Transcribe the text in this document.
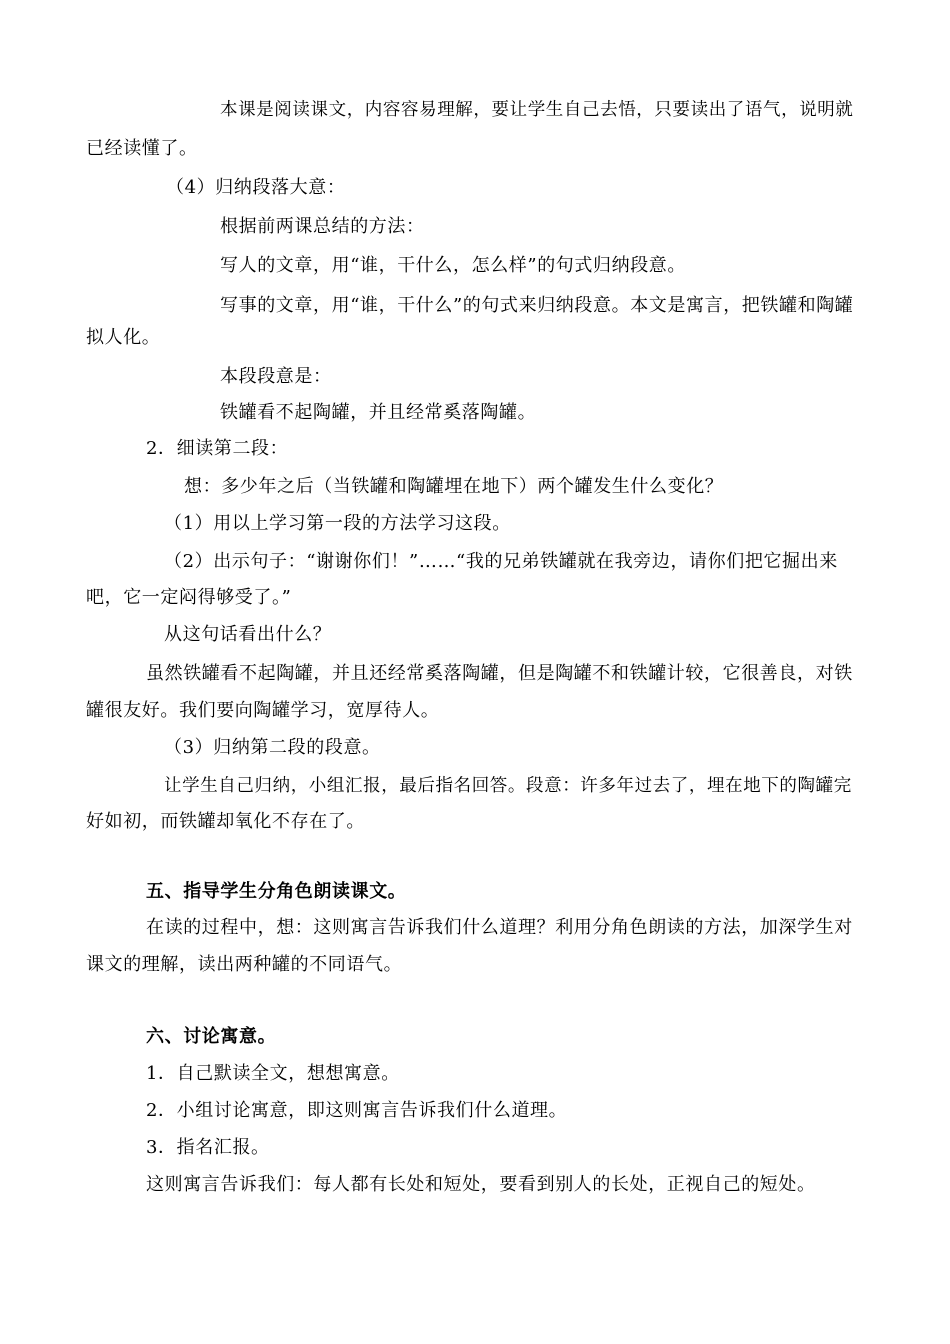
本课是阅读课文，内容容易理解，要让学生自己去悟，只要读出了语气，说明就
已经读懂了。
（4）归纳段落大意：
根据前两课总结的方法：
写人的文章，用“谁，干什么，怎么样”的句式归纳段意。
写事的文章，用“谁，干什么”的句式来归纳段意。本文是寓言，把铁罐和陶罐
拟人化。
本段段意是：
铁罐看不起陶罐，并且经常奚落陶罐。
2．细读第二段：
想：多少年之后（当铁罐和陶罐埋在地下）两个罐发生什么变化？
（1）用以上学习第一段的方法学习这段。
（2）出示句子：“谢谢你们！”……“我的兄弟铁罐就在我旁边，请你们把它掘出来
吧，它一定闷得够受了。”
从这句话看出什么？
虽然铁罐看不起陶罐，并且还经常奚落陶罐，但是陶罐不和铁罐计较，它很善良，对铁
罐很友好。我们要向陶罐学习，宽厚待人。
（3）归纳第二段的段意。
让学生自己归纳，小组汇报，最后指名回答。段意：许多年过去了，埋在地下的陶罐完
好如初，而铁罐却氧化不存在了。
五、指导学生分角色朗读课文。
在读的过程中，想：这则寓言告诉我们什么道理？利用分角色朗读的方法，加深学生对
课文的理解，读出两种罐的不同语气。
六、讨论寓意。
1．自己默读全文，想想寓意。
2．小组讨论寓意，即这则寓言告诉我们什么道理。
3．指名汇报。
这则寓言告诉我们：每人都有长处和短处，要看到别人的长处，正视自己的短处。
